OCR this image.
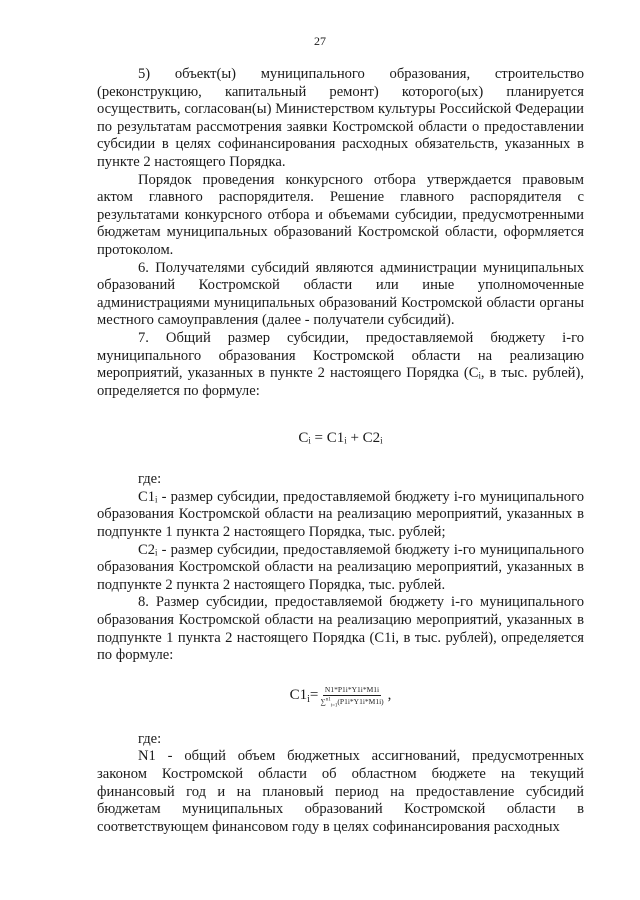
27

5) объект(ы) муниципального образования, строительство (реконструкцию, капитальный ремонт) которого(ых) планируется осуществить, согласован(ы) Министерством культуры Российской Федерации по результатам рассмотрения заявки Костромской области о предоставлении субсидии в целях софинансирования расходных обязательств, указанных в пункте 2 настоящего Порядка.

Порядок проведения конкурсного отбора утверждается правовым актом главного распорядителя. Решение главного распорядителя с результатами конкурсного отбора и объемами субсидии, предусмотренными бюджетам муниципальных образований Костромской области, оформляется протоколом.

6. Получателями субсидий являются администрации муниципальных образований Костромской области или иные уполномоченные администрациями муниципальных образований Костромской области органы местного самоуправления (далее - получатели субсидий).

7. Общий размер субсидии, предоставляемой бюджету i-го муниципального образования Костромской области на реализацию мероприятий, указанных в пункте 2 настоящего Порядка (Cᵢ, в тыс. рублей), определяется по формуле:

Cᵢ = C1ᵢ + C2ᵢ

где:

C1ᵢ - размер субсидии, предоставляемой бюджету i-го муниципального образования Костромской области на реализацию мероприятий, указанных в подпункте 1 пункта 2 настоящего Порядка, тыс. рублей;

C2ᵢ - размер субсидии, предоставляемой бюджету i-го муниципального образования Костромской области на реализацию мероприятий, указанных в подпункте 2 пункта 2 настоящего Порядка, тыс. рублей.

8. Размер субсидии, предоставляемой бюджету i-го муниципального образования Костромской области на реализацию мероприятий, указанных в подпункте 1 пункта 2 настоящего Порядка (C1i, в тыс. рублей), определяется по формуле:

C1 $i = \frac{N1*P1i*Y1i*M1i}{\sum^{n1}_{i=1}(P1i*Y1i*M1i)}$ ,

где:

N1 - общий объем бюджетных ассигнований, предусмотренных законом Костромской области об областном бюджете на текущий финансовый год и на плановый период на предоставление субсидий бюджетам муниципальных образований Костромской области в соответствующем финансовом году в целях софинансирования расходных
